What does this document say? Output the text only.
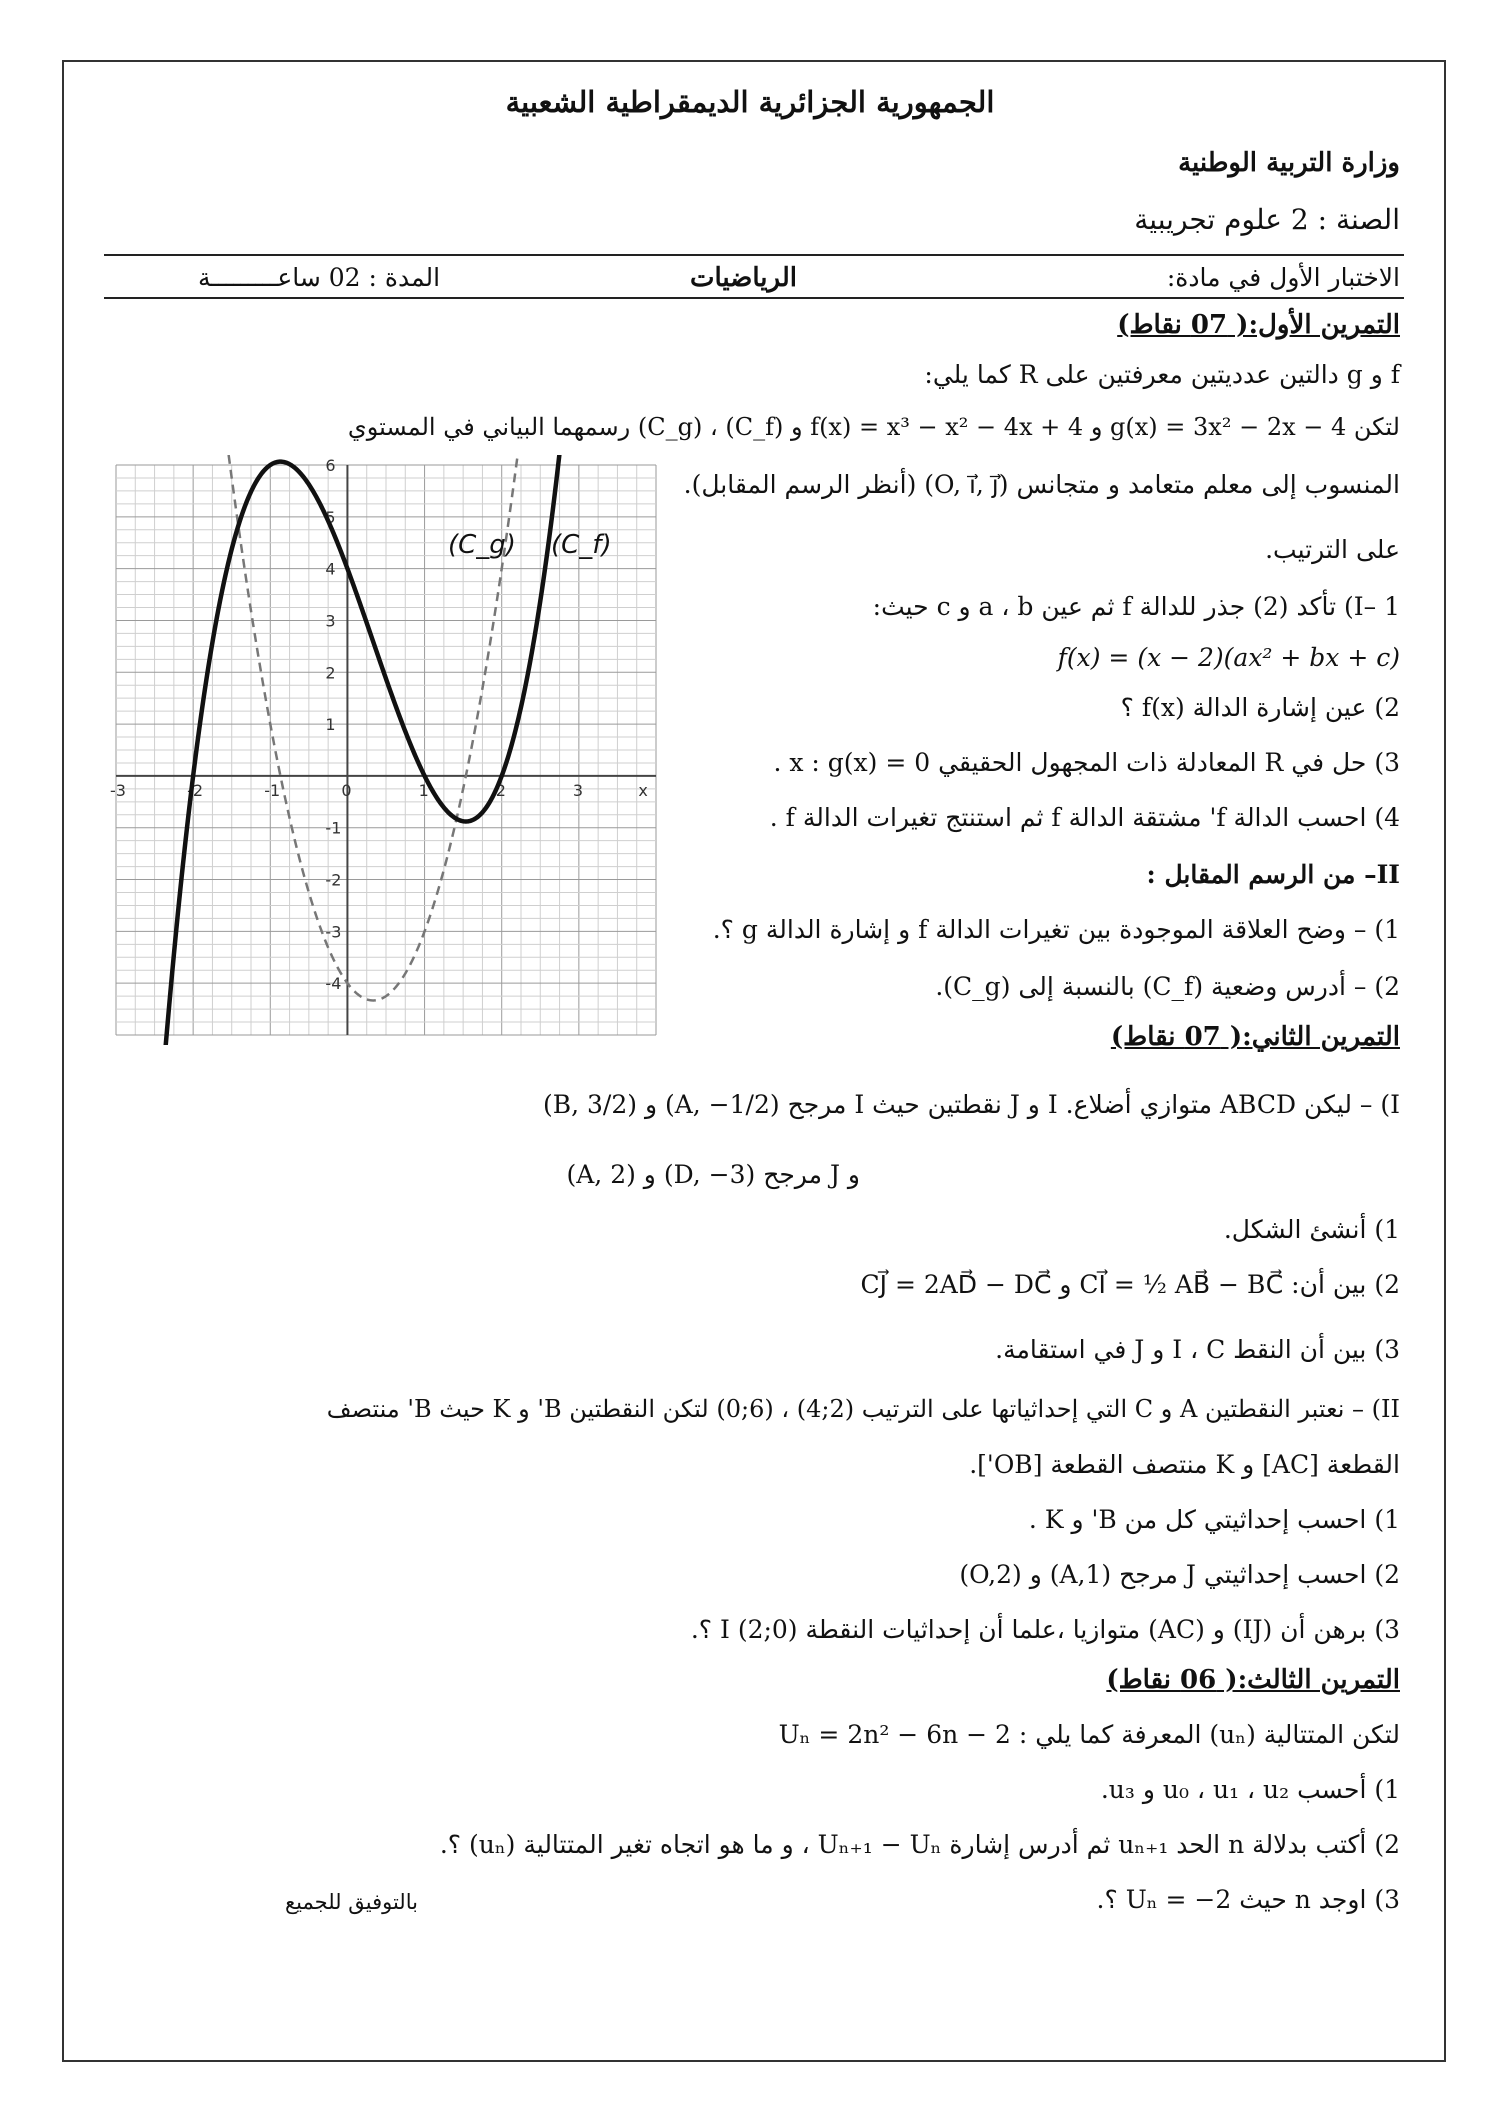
الجمهورية الجزائرية الديمقراطية الشعبية
وزارة التربية الوطنية
الصنة : 2 علوم تجريبية
الاختبار الأول في مادة:
الرياضيات
المدة : 02 ساعـــــــــة
التمرين الأول:( 07 نقاط)
f و g دالتين عدديتين معرفتين على R كما يلي:
لتكن g(x) = 3x² − 2x − 4 و f(x) = x³ − x² − 4x + 4 و (C_f) ، (C_g) رسمهما البياني في المستوي
المنسوب إلى معلم متعامد و متجانس (O, i⃗, j⃗) (أنظر الرسم المقابل).
على الترتيب.
I– 1) تأكد (2) جذر للدالة f ثم عين a ، b و c حيث:
f(x) = (x − 2)(ax² + bx + c)
2) عين إشارة الدالة f(x) ؟
3) حل في R المعادلة ذات المجهول الحقيقي x : g(x) = 0 .
4) احسب الدالة f' مشتقة الدالة f ثم استنتج تغيرات الدالة f .
II– من الرسم المقابل :
1) – وضح العلاقة الموجودة بين تغيرات الدالة f و إشارة الدالة g ؟.
2) – أدرس وضعية (C_f) بالنسبة إلى (C_g).
-3	-2	-1	0	1	2	3	x
6
5
4
3
2
1
-1
-2
-3
-4
(C_g) (C_f)
التمرين الثاني:( 07 نقاط)
I) – ليكن ABCD متوازي أضلاع. I و J نقطتين حيث I مرجح (A, −1/2) و (B, 3/2)
و J مرجح (D, −3) و (A, 2)
1) أنشئ الشكل.
2) بين أن: CI⃗ = ½ AB⃗ − BC⃗ و CJ⃗ = 2AD⃗ − DC⃗
3) بين أن النقط I ، C و J في استقامة.
II) – نعتبر النقطتين A و C التي إحداثياتها على الترتيب (2;4) ، (6;0) لتكن النقطتين B' و K حيث B' منتصف
القطعة [AC] و K منتصف القطعة [OB'].
1) احسب إحداثيتي كل من B' و K .
2) احسب إحداثيتي J مرجح (A,1) و (O,2)
3) برهن أن (IJ) و (AC) متوازيا ،علما أن إحداثيات النقطة I (2;0) ؟.
التمرين الثالث:( 06 نقاط)
لتكن المتتالية (uₙ) المعرفة كما يلي : Uₙ = 2n² − 6n − 2
1) أحسب u₀ ، u₁ ، u₂ و u₃.
2) أكتب بدلالة n الحد uₙ₊₁ ثم أدرس إشارة Uₙ₊₁ − Uₙ ، و ما هو اتجاه تغير المتتالية (uₙ) ؟.
3) اوجد n حيث Uₙ = −2 ؟.
بالتوفيق للجميع
